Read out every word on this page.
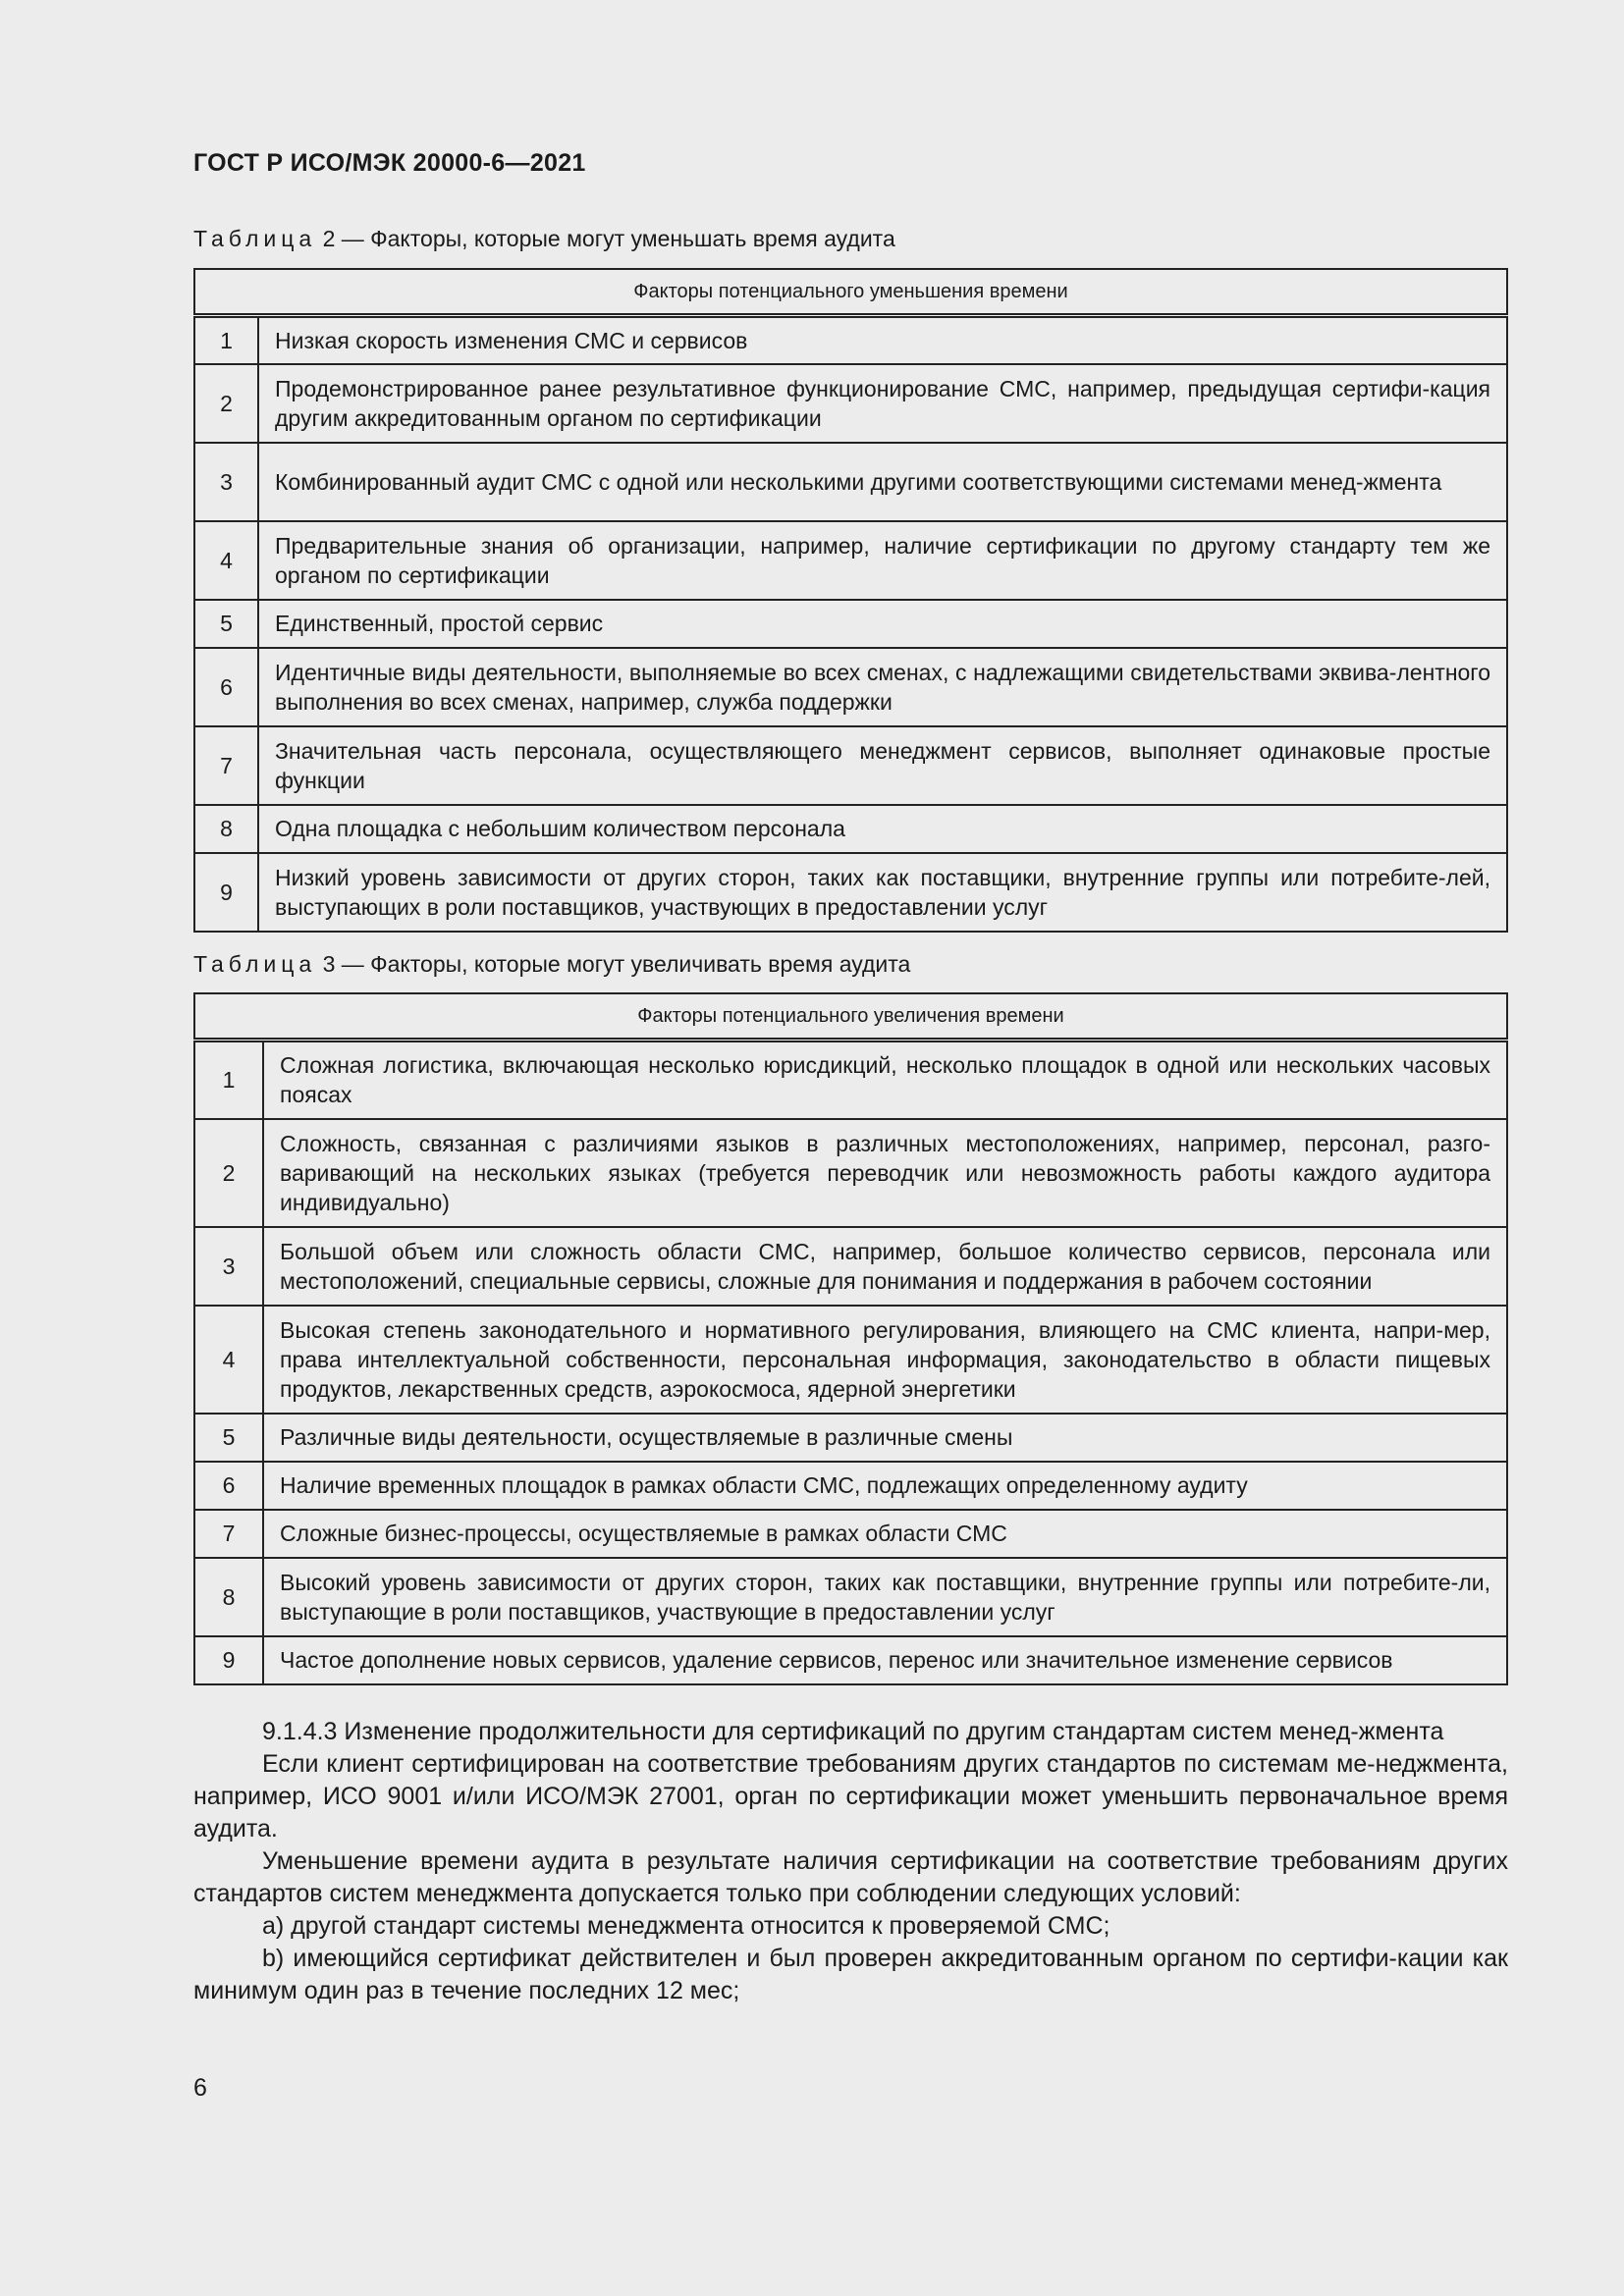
ГОСТ Р ИСО/МЭК 20000-6—2021
Таблица 2 — Факторы, которые могут уменьшать время аудита
Факторы потенциального уменьшения времени	
1	Низкая скорость изменения СМС и сервисов
2	Продемонстрированное ранее результативное функционирование СМС, например, предыдущая сертифи-кация другим аккредитованным органом по сертификации
3	Комбинированный аудит СМС с одной или несколькими другими соответствующими системами менед-жмента
4	Предварительные знания об организации, например, наличие сертификации по другому стандарту тем же органом по сертификации
5	Единственный, простой сервис
6	Идентичные виды деятельности, выполняемые во всех сменах, с надлежащими свидетельствами эквива-лентного выполнения во всех сменах, например, служба поддержки
7	Значительная часть персонала, осуществляющего менеджмент сервисов, выполняет одинаковые простые функции
8	Одна площадка с небольшим количеством персонала
9	Низкий уровень зависимости от других сторон, таких как поставщики, внутренние группы или потребите-лей, выступающих в роли поставщиков, участвующих в предоставлении услуг
Таблица 3 — Факторы, которые могут увеличивать время аудита
Факторы потенциального увеличения времени	
1	Сложная логистика, включающая несколько юрисдикций, несколько площадок в одной или нескольких часовых поясах
2	Сложность, связанная с различиями языков в различных местоположениях, например, персонал, разго-варивающий на нескольких языках (требуется переводчик или невозможность работы каждого аудитора индивидуально)
3	Большой объем или сложность области СМС, например, большое количество сервисов, персонала или местоположений, специальные сервисы, сложные для понимания и поддержания в рабочем состоянии
4	Высокая степень законодательного и нормативного регулирования, влияющего на СМС клиента, напри-мер, права интеллектуальной собственности, персональная информация, законодательство в области пищевых продуктов, лекарственных средств, аэрокосмоса, ядерной энергетики
5	Различные виды деятельности, осуществляемые в различные смены
6	Наличие временных площадок в рамках области СМС, подлежащих определенному аудиту
7	Сложные бизнес-процессы, осуществляемые в рамках области СМС
8	Высокий уровень зависимости от других сторон, таких как поставщики, внутренние группы или потребите-ли, выступающие в роли поставщиков, участвующие в предоставлении услуг
9	Частое дополнение новых сервисов, удаление сервисов, перенос или значительное изменение сервисов

9.1.4.3 Изменение продолжительности для сертификаций по другим стандартам систем менед-жмента

Если клиент сертифицирован на соответствие требованиям других стандартов по системам ме-неджмента, например, ИСО 9001 и/или ИСО/МЭК 27001, орган по сертификации может уменьшить первоначальное время аудита.

Уменьшение времени аудита в результате наличия сертификации на соответствие требованиям других стандартов систем менеджмента допускается только при соблюдении следующих условий:

a) другой стандарт системы менеджмента относится к проверяемой СМС;

b) имеющийся сертификат действителен и был проверен аккредитованным органом по сертифи-кации как минимум один раз в течение последних 12 мес;

6
